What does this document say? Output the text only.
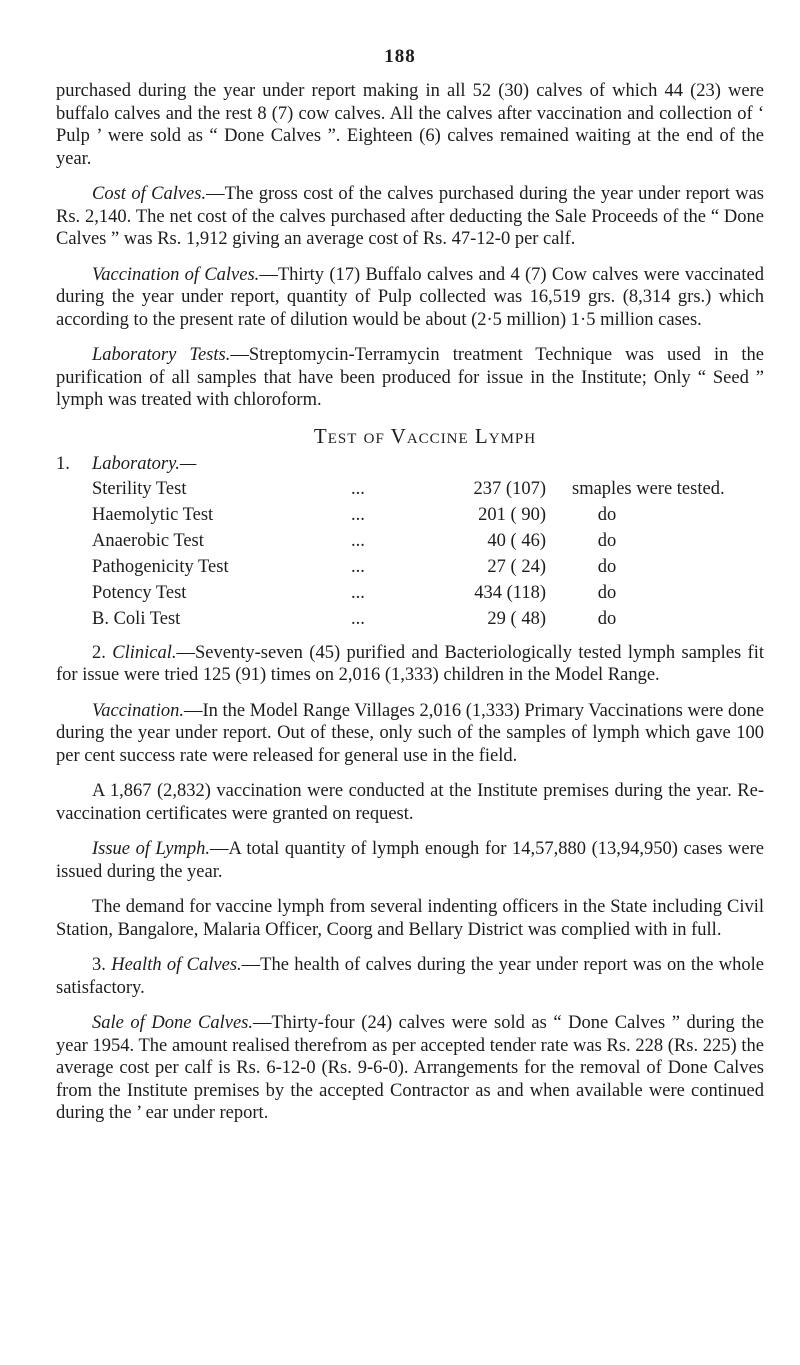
188

purchased during the year under report making in all 52 (30) calves of which 44 (23) were buffalo calves and the rest 8 (7) cow calves. All the calves after vaccination and collection of ‘ Pulp ’ were sold as “ Done Calves ”. Eighteen (6) calves remained waiting at the end of the year.

Cost of Calves.—The gross cost of the calves purchased during the year under report was Rs. 2,140. The net cost of the calves purchased after deducting the Sale Proceeds of the “ Done Calves ” was Rs. 1,912 giving an average cost of Rs. 47-12-0 per calf.

Vaccination of Calves.—Thirty (17) Buffalo calves and 4 (7) Cow calves were vaccinated during the year under report, quantity of Pulp collected was 16,519 grs. (8,314 grs.) which according to the present rate of dilution would be about (2·5 million) 1·5 million cases.

Laboratory Tests.—Streptomycin-Terramycin treatment Technique was used in the purification of all samples that have been produced for issue in the Institute; Only “ Seed ” lymph was treated with chloroform.

Test of Vaccine Lymph
1. Laboratory.—
Sterility Test	...	237 (107) smaples were tested.
Haemolytic Test	...	201 ( 90)	do
Anaerobic Test	...	40 ( 46)	do
Pathogenicity Test	...	27 ( 24)	do
Potency Test	...	434 (118)	do
B. Coli Test	...	29 ( 48)	do

2. Clinical.—Seventy-seven (45) purified and Bacteriologically tested lymph samples fit for issue were tried 125 (91) times on 2,016 (1,333) children in the Model Range.

Vaccination.—In the Model Range Villages 2,016 (1,333) Primary Vaccinations were done during the year under report. Out of these, only such of the samples of lymph which gave 100 per cent success rate were released for general use in the field.

A 1,867 (2,832) vaccination were conducted at the Institute premises during the year. Re-vaccination certificates were granted on request.

Issue of Lymph.—A total quantity of lymph enough for 14,57,880 (13,94,950) cases were issued during the year.

The demand for vaccine lymph from several indenting officers in the State including Civil Station, Bangalore, Malaria Officer, Coorg and Bellary District was complied with in full.

3. Health of Calves.—The health of calves during the year under report was on the whole satisfactory.

Sale of Done Calves.—Thirty-four (24) calves were sold as “ Done Calves ” during the year 1954. The amount realised therefrom as per accepted tender rate was Rs. 228 (Rs. 225) the average cost per calf is Rs. 6-12-0 (Rs. 9-6-0). Arrangements for the removal of Done Calves from the Institute premises by the accepted Contractor as and when available were continued during the ’ ear under report.
